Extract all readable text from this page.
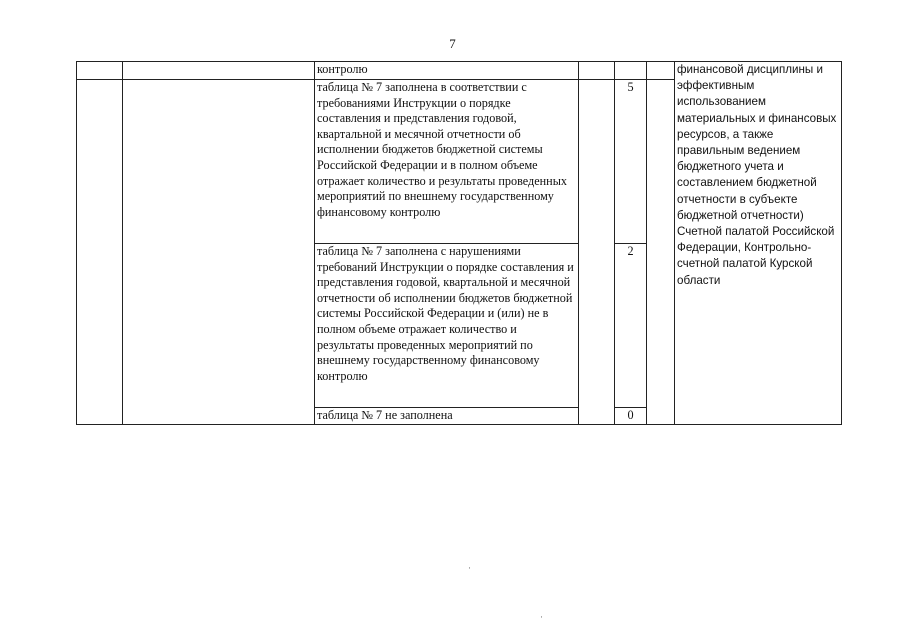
7
		контролю				финансовой дисциплины и эффективным использованием материальных и финансовых ресурсов, а также правильным ведением бюджетного учета и составлением бюджетной отчетности в субъекте бюджетной отчетности) Счетной палатой Российской Федерации, Контрольно-счетной палатой Курской области
		таблица № 7 заполнена в соответствии с требованиями Инструкции о порядке составления и представления годовой, квартальной и месячной отчетности об исполнении бюджетов бюджетной системы Российской Федерации и в полном объеме отражает количество и результаты проведенных мероприятий по внешнему государственному финансовому контролю		5		
		таблица № 7 заполнена с нарушениями требований Инструкции о порядке составления и представления годовой, квартальной и месячной отчетности об исполнении бюджетов бюджетной системы Российской Федерации и (или) не в полном объеме отражает количество и результаты проведенных мероприятий по внешнему государственному финансовому контролю		2		
		таблица № 7 не заполнена		0		
·
·
